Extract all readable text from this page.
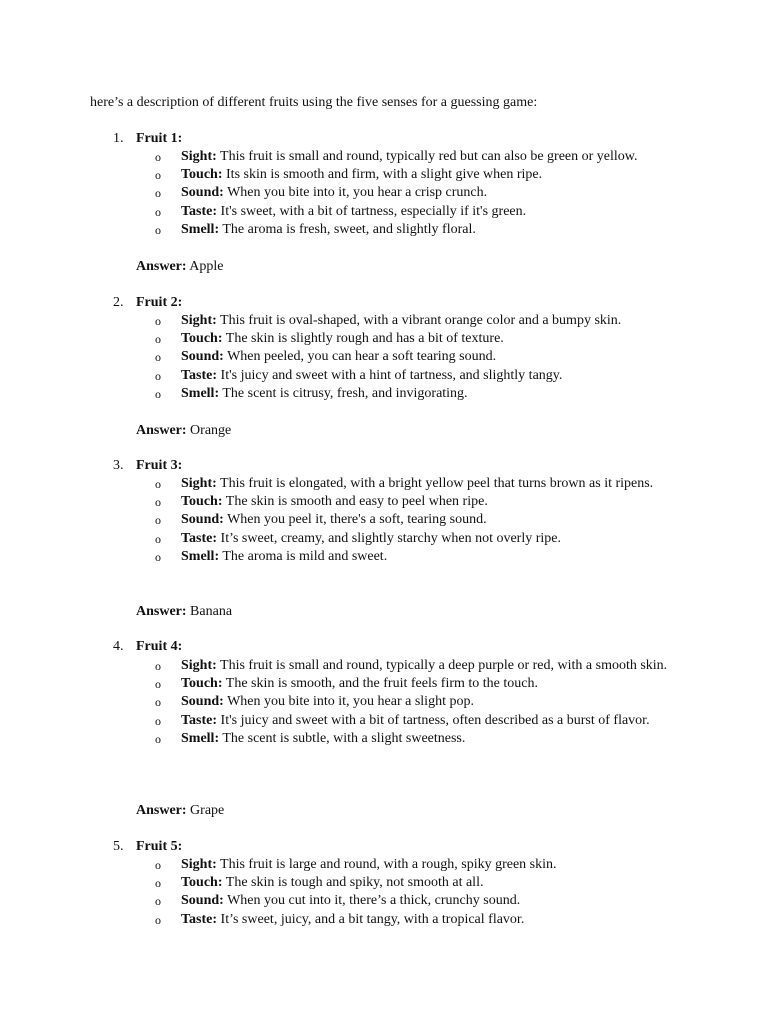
here’s a description of different fruits using the five senses for a guessing game:

1. Fruit 1:

o Sight: This fruit is small and round, typically red but can also be green or yellow.
o Touch: Its skin is smooth and firm, with a slight give when ripe.
o Sound: When you bite into it, you hear a crisp crunch.
o Taste: It's sweet, with a bit of tartness, especially if it's green.
o Smell: The aroma is fresh, sweet, and slightly floral.

Answer: Apple

2. Fruit 2:

o Sight: This fruit is oval-shaped, with a vibrant orange color and a bumpy skin.
o Touch: The skin is slightly rough and has a bit of texture.
o Sound: When peeled, you can hear a soft tearing sound.
o Taste: It's juicy and sweet with a hint of tartness, and slightly tangy.
o Smell: The scent is citrusy, fresh, and invigorating.

Answer: Orange

3. Fruit 3:

o Sight: This fruit is elongated, with a bright yellow peel that turns brown as it ripens.
o Touch: The skin is smooth and easy to peel when ripe.
o Sound: When you peel it, there's a soft, tearing sound.
o Taste: It’s sweet, creamy, and slightly starchy when not overly ripe.
o Smell: The aroma is mild and sweet.

Answer: Banana

4. Fruit 4:

o Sight: This fruit is small and round, typically a deep purple or red, with a smooth skin.
o Touch: The skin is smooth, and the fruit feels firm to the touch.
o Sound: When you bite into it, you hear a slight pop.
o Taste: It's juicy and sweet with a bit of tartness, often described as a burst of flavor.
o Smell: The scent is subtle, with a slight sweetness.

Answer: Grape

5. Fruit 5:

o Sight: This fruit is large and round, with a rough, spiky green skin.
o Touch: The skin is tough and spiky, not smooth at all.
o Sound: When you cut into it, there’s a thick, crunchy sound.
o Taste: It’s sweet, juicy, and a bit tangy, with a tropical flavor.
